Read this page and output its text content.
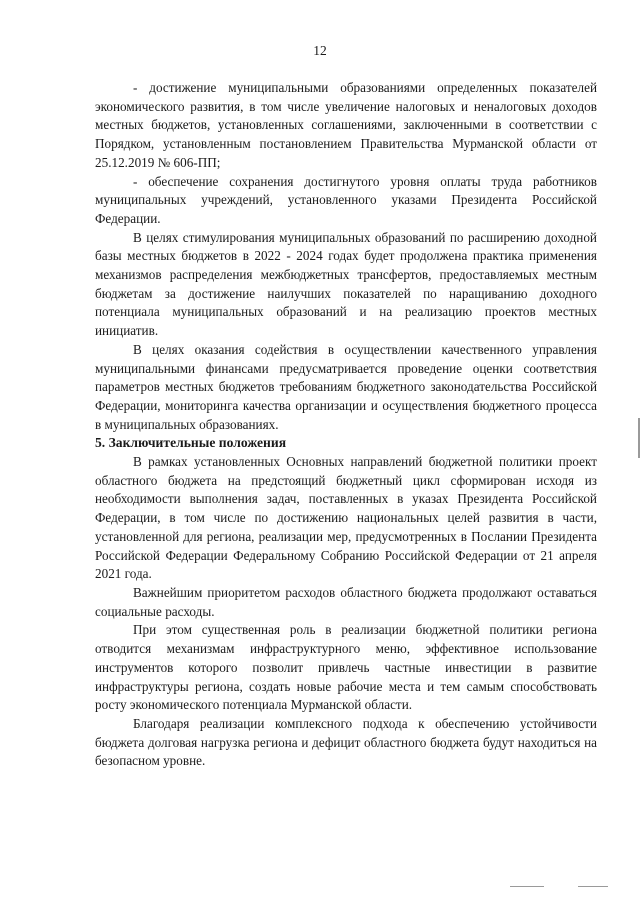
12

- достижение муниципальными образованиями определенных показателей экономического развития, в том числе увеличение налоговых и неналоговых доходов местных бюджетов, установленных соглашениями, заключенными в соответствии с Порядком, установленным постановлением Правительства Мурманской области от 25.12.2019 № 606-ПП;

- обеспечение сохранения достигнутого уровня оплаты труда работников муниципальных учреждений, установленного указами Президента Российской Федерации.

В целях стимулирования муниципальных образований по расширению доходной базы местных бюджетов в 2022 - 2024 годах будет продолжена практика применения механизмов распределения межбюджетных трансфертов, предоставляемых местным бюджетам за достижение наилучших показателей по наращиванию доходного потенциала муниципальных образований и на реализацию проектов местных инициатив.

В целях оказания содействия в осуществлении качественного управления муниципальными финансами предусматривается проведение оценки соответствия параметров местных бюджетов требованиям бюджетного законодательства Российской Федерации, мониторинга качества организации и осуществления бюджетного процесса в муниципальных образованиях.

5. Заключительные положения

В рамках установленных Основных направлений бюджетной политики проект областного бюджета на предстоящий бюджетный цикл сформирован исходя из необходимости выполнения задач, поставленных в указах Президента Российской Федерации, в том числе по достижению национальных целей развития в части, установленной для региона, реализации мер, предусмотренных в Послании Президента Российской Федерации Федеральному Собранию Российской Федерации от 21 апреля 2021 года.

Важнейшим приоритетом расходов областного бюджета продолжают оставаться социальные расходы.

При этом существенная роль в реализации бюджетной политики региона отводится механизмам инфраструктурного меню, эффективное использование инструментов которого позволит привлечь частные инвестиции в развитие инфраструктуры региона, создать новые рабочие места и тем самым способствовать росту экономического потенциала Мурманской области.

Благодаря реализации комплексного подхода к обеспечению устойчивости бюджета долговая нагрузка региона и дефицит областного бюджета будут находиться на безопасном уровне.
